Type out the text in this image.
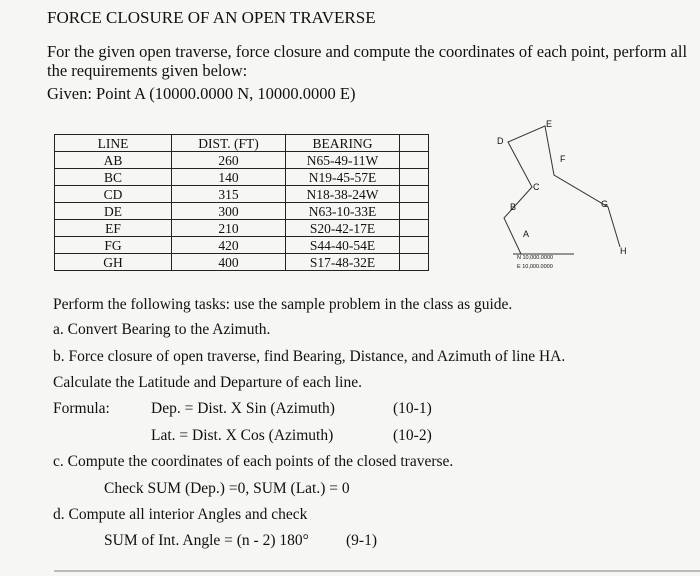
FORCE CLOSURE OF AN OPEN TRAVERSE
For the given open traverse, force closure and compute the coordinates of each point, perform all the requirements given below:
Given: Point A (10000.0000 N, 10000.0000 E)
LINE	DIST. (FT)	BEARING	
AB	260	N65-49-11W	
BC	140	N19-45-57E	
CD	315	N18-38-24W	
DE	300	N63-10-33E	
EF	210	S20-42-17E	
FG	420	S44-40-54E	
GH	400	S17-48-32E	
A
B
C
D
E
F
G
H
N 10,000.0000
E 10,000.0000
Perform the following tasks: use the sample problem in the class as guide.
a. Convert Bearing to the Azimuth.
b. Force closure of open traverse, find Bearing, Distance, and Azimuth of line HA.
Calculate the Latitude and Departure of each line.
Formula:	Dep. = Dist. X Sin (Azimuth)	(10-1)
Lat. = Dist. X Cos (Azimuth)	(10-2)
c. Compute the coordinates of each points of the closed traverse.
Check SUM (Dep.) =0, SUM (Lat.) = 0
d. Compute all interior Angles and check
SUM of Int. Angle = (n - 2) 180° (9-1)
